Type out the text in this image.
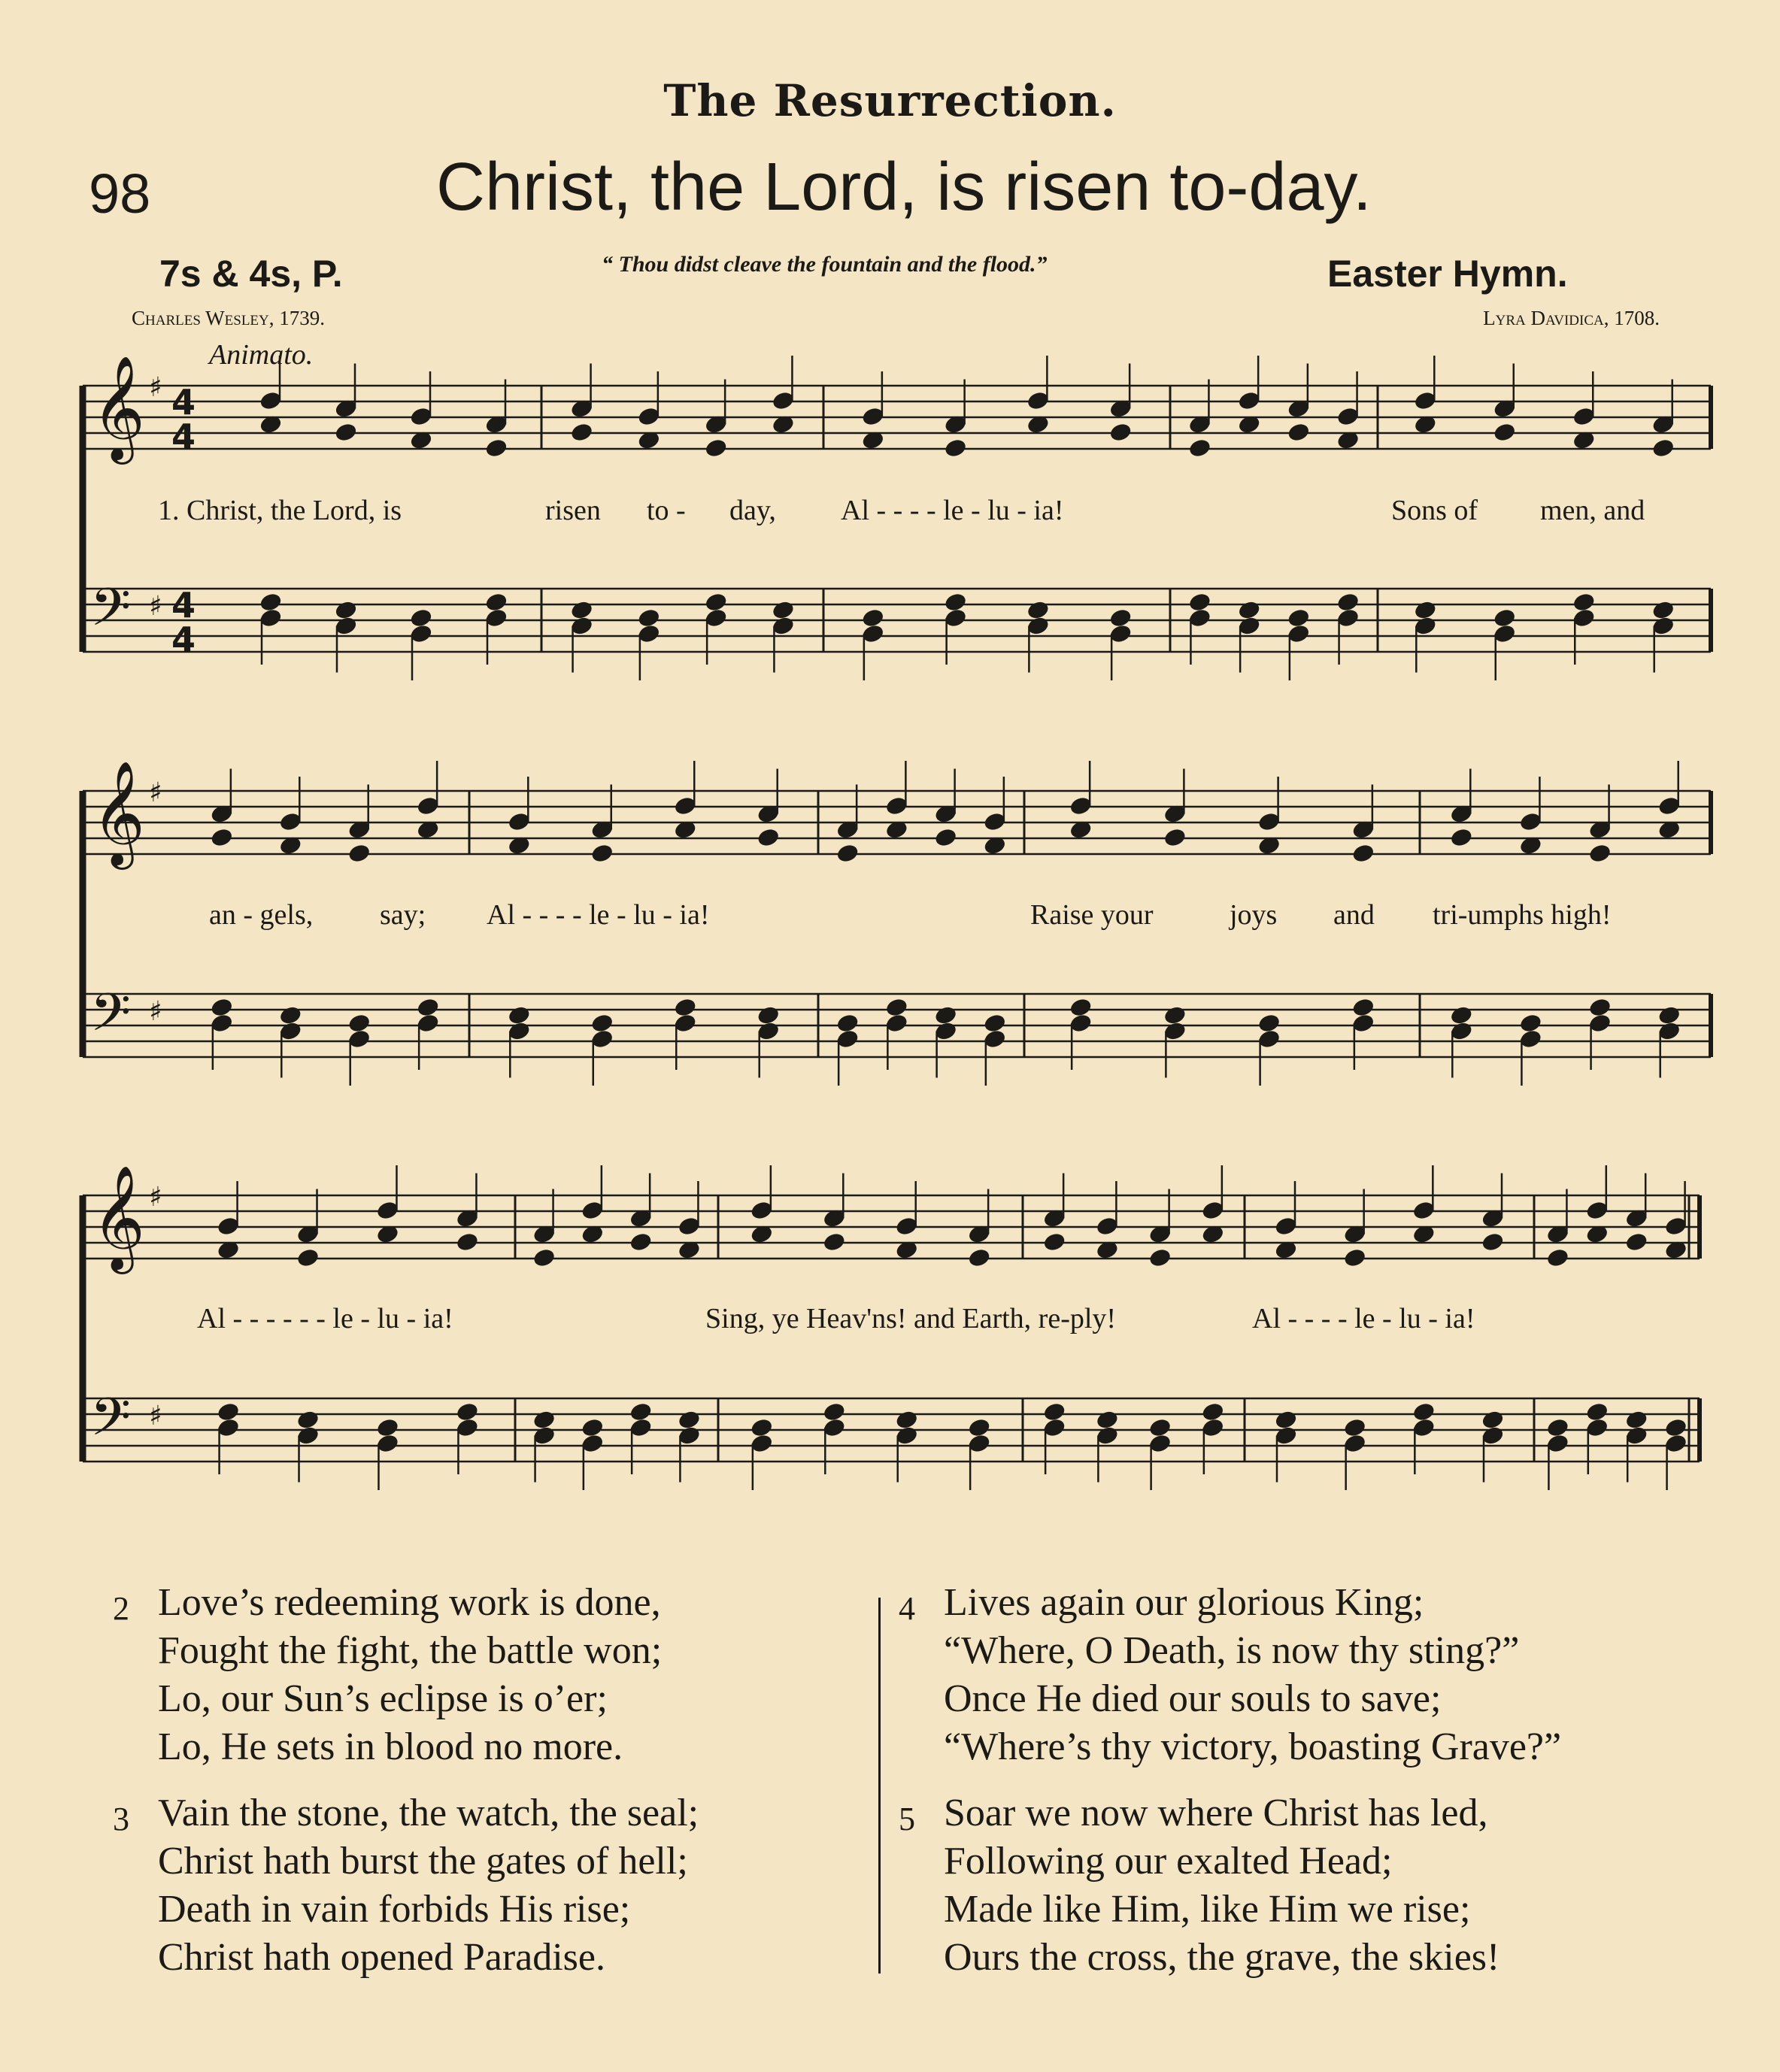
The Resurrection.
98	Christ, the Lord, is risen to-day.
7s & 4s, P.	“ Thou didst cleave the fountain and the flood.”	Easter Hymn.
Charles Wesley, 1739.	Lyra Davidica, 1708.
Animato.
𝄞
𝄢
♯
♯
4
4
4
4
𝄞
𝄢
♯
♯
𝄞
𝄢
♯
♯
1. Christ, the Lord, is	risen to - day, Al - - - - le - lu - ia!	Sons of men, and
an - gels, say; Al - - - - le - lu - ia!	Raise your	joys and tri-umphs high!
Al - - - - - - le - lu - ia!	Sing, ye Heav'ns! and Earth, re-ply!	Al - - - - le - lu - ia!
2 Love’s redeeming work is done,
Fought the fight, the battle won;
Lo, our Sun’s eclipse is o’er;
Lo, He sets in blood no more.
3 Vain the stone, the watch, the seal;
Christ hath burst the gates of hell;
Death in vain forbids His rise;
Christ hath opened Paradise.
4 Lives again our glorious King;
“Where, O Death, is now thy sting?”
Once He died our souls to save;
“Where’s thy victory, boasting Grave?”
5 Soar we now where Christ has led,
Following our exalted Head;
Made like Him, like Him we rise;
Ours the cross, the grave, the skies!
